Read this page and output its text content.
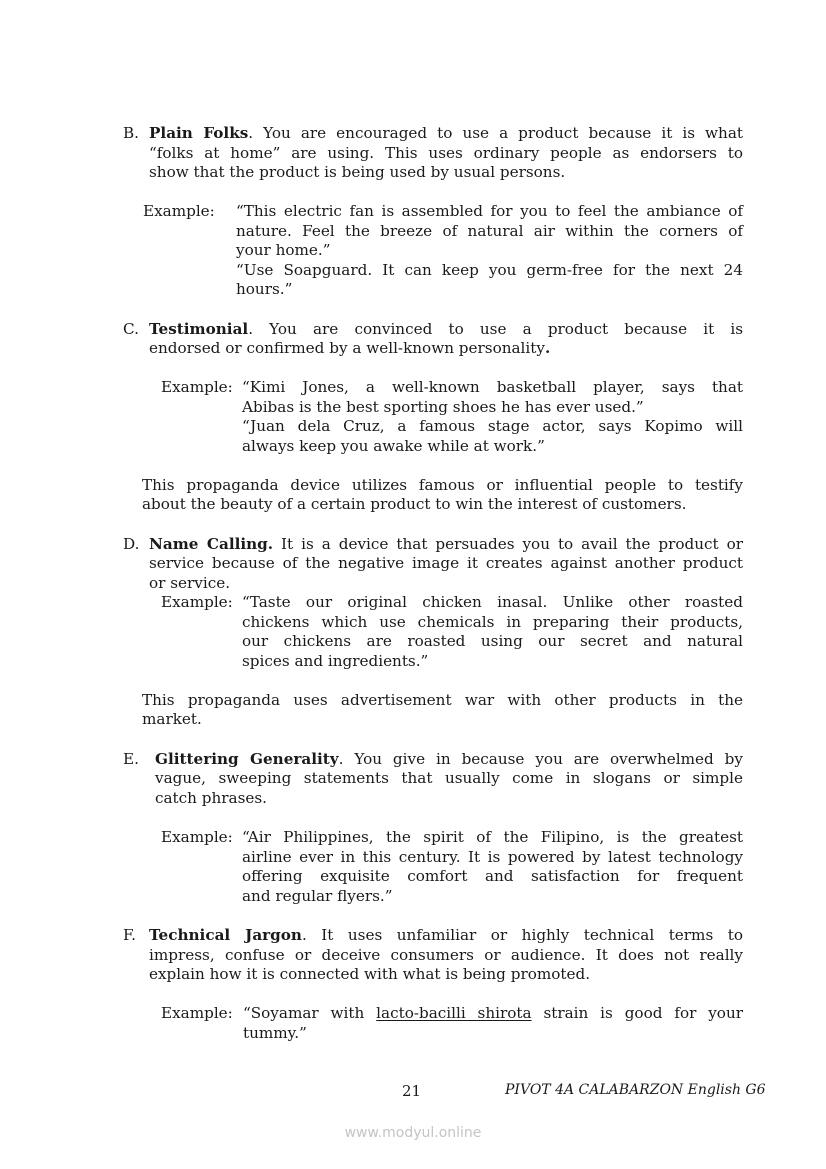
B. Plain Folks. You are encouraged to use a product because it is what
“folks at home” are using. This uses ordinary people as endorsers to
show that the product is being used by usual persons.
Example: “This electric fan is assembled for you to feel the ambiance of
nature. Feel the breeze of natural air within the corners of
your home.”
“Use Soapguard. It can keep you germ-free for the next 24
hours.”
C. Testimonial. You are convinced to use a product because it is
endorsed or confirmed by a well-known personality.
Example: “Kimi Jones, a well-known basketball player, says that
Abibas is the best sporting shoes he has ever used.”
“Juan dela Cruz, a famous stage actor, says Kopimo will
always keep you awake while at work.”
This propaganda device utilizes famous or influential people to testify
about the beauty of a certain product to win the interest of customers.
D. Name Calling. It is a device that persuades you to avail the product or
service because of the negative image it creates against another product
or service.
Example: “Taste our original chicken inasal. Unlike other roasted
chickens which use chemicals in preparing their products,
our chickens are roasted using our secret and natural
spices and ingredients.”
This propaganda uses advertisement war with other products in the
market.
E. Glittering Generality. You give in because you are overwhelmed by
vague, sweeping statements that usually come in slogans or simple
catch phrases.
Example: “Air Philippines, the spirit of the Filipino, is the greatest
airline ever in this century. It is powered by latest technology
offering exquisite comfort and satisfaction for frequent
and regular flyers.”
F. Technical Jargon. It uses unfamiliar or highly technical terms to
impress, confuse or deceive consumers or audience. It does not really
explain how it is connected with what is being promoted.
Example: “Soyamar with lacto-bacilli shirota strain is good for your
tummy.”
21	PIVOT 4A CALABARZON English G6
www.modyul.online
